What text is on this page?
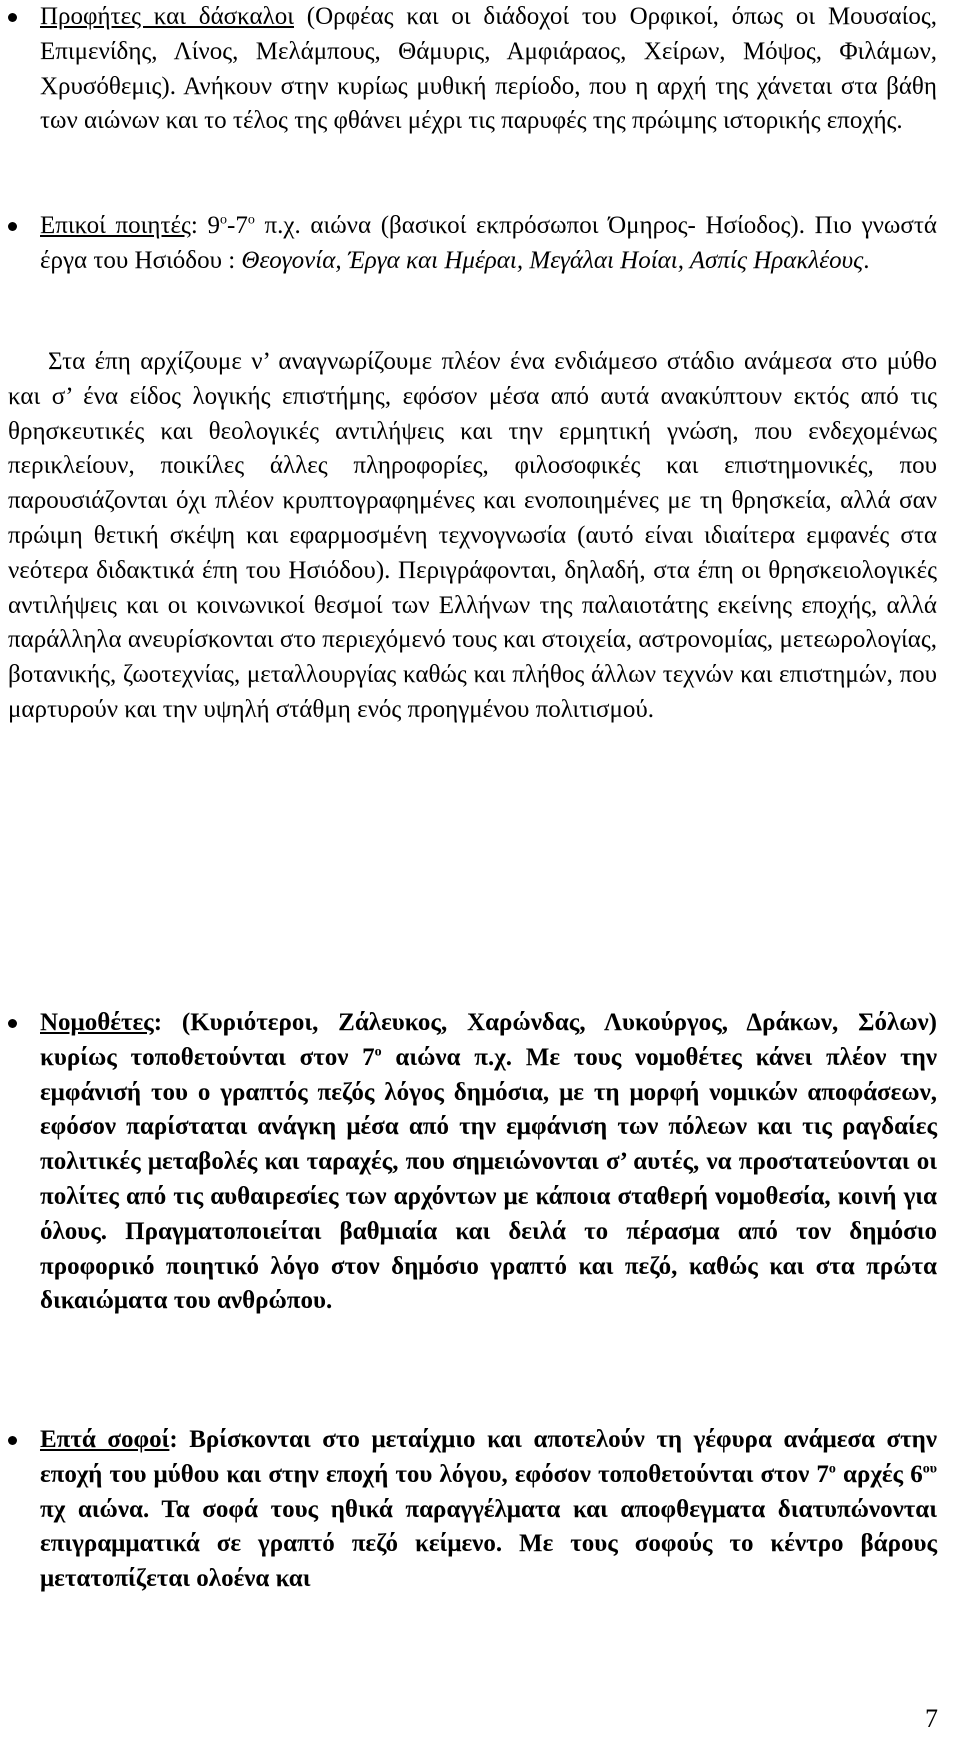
Προφήτες και δάσκαλοι (Ορφέας και οι διάδοχοί του Ορφικοί, όπως οι Μουσαίος, Επιμενίδης, Λίνος, Μελάμπους, Θάμυρις, Αμφιάραος, Χείρων, Μόψος, Φιλάμων, Χρυσόθεμις). Ανήκουν στην κυρίως μυθική περίοδο, που η αρχή της χάνεται στα βάθη των αιώνων και το τέλος της φθάνει μέχρι τις παρυφές της πρώιμης ιστορικής εποχής.
Επικοί ποιητές: $9^o-7^o$ π.χ. αιώνα (βασικοί εκπρόσωποι Όμηρος- Ησίοδος). Πιο γνωστά έργα του Ησιόδου : Θεογονία, Έργα και Ημέραι, Μεγάλαι Ηοίαι, Ασπίς Ηρακλέους.
Στα έπη αρχίζουμε ν’ αναγνωρίζουμε πλέον ένα ενδιάμεσο στάδιο ανάμεσα στο μύθο και σ’ ένα είδος λογικής επιστήμης, εφόσον μέσα από αυτά ανακύπτουν εκτός από τις θρησκευτικές και θεολογικές αντιλήψεις και την ερμητική γνώση, που ενδεχομένως περικλείουν, ποικίλες άλλες πληροφορίες, φιλοσοφικές και επιστημονικές, που παρουσιάζονται όχι πλέον κρυπτογραφημένες και ενοποιημένες με τη θρησκεία, αλλά σαν πρώιμη θετική σκέψη και εφαρμοσμένη τεχνογνωσία (αυτό είναι ιδιαίτερα εμφανές στα νεότερα διδακτικά έπη του Ησιόδου). Περιγράφονται, δηλαδή, στα έπη οι θρησκειολογικές αντιλήψεις και οι κοινωνικοί θεσμοί των Ελλήνων της παλαιοτάτης εκείνης εποχής, αλλά παράλληλα ανευρίσκονται στο περιεχόμενό τους και στοιχεία, αστρονομίας, μετεωρολογίας, βοτανικής, ζωοτεχνίας, μεταλλουργίας καθώς και πλήθος άλλων τεχνών και επιστημών, που μαρτυρούν και την υψηλή στάθμη ενός προηγμένου πολιτισμού.
Νομοθέτες: (Κυριότεροι, Ζάλευκος, Χαρώνδας, Λυκούργος, Δράκων, Σόλων) κυρίως τοποθετούνται στον $7^o$ αιώνα π.χ. Με τους νομοθέτες κάνει πλέον την εμφάνισή του ο γραπτός πεζός λόγος δημόσια, με τη μορφή νομικών αποφάσεων, εφόσον παρίσταται ανάγκη μέσα από την εμφάνιση των πόλεων και τις ραγδαίες πολιτικές μεταβολές και ταραχές, που σημειώνονται σ’ αυτές, να προστατεύονται οι πολίτες από τις αυθαιρεσίες των αρχόντων με κάποια σταθερή νομοθεσία, κοινή για όλους. Πραγματοποιείται βαθμιαία και δειλά το πέρασμα από τον δημόσιο προφορικό ποιητικό λόγο στον δημόσιο γραπτό και πεζό, καθώς και στα πρώτα δικαιώματα του ανθρώπου.
Επτά σοφοί: Βρίσκονται στο μεταίχμιο και αποτελούν τη γέφυρα ανάμεσα στην εποχή του μύθου και στην εποχή του λόγου, εφόσον τοποθετούνται στον $7^o$ αρχές $6^{o\upsilon}$ πχ αιώνα. Τα σοφά τους ηθικά παραγγέλματα και αποφθεγματα διατυπώνονται επιγραμματικά σε γραπτό πεζό κείμενο. Με τους σοφούς το κέντρο βάρους μετατοπίζεται ολοένα και
7
